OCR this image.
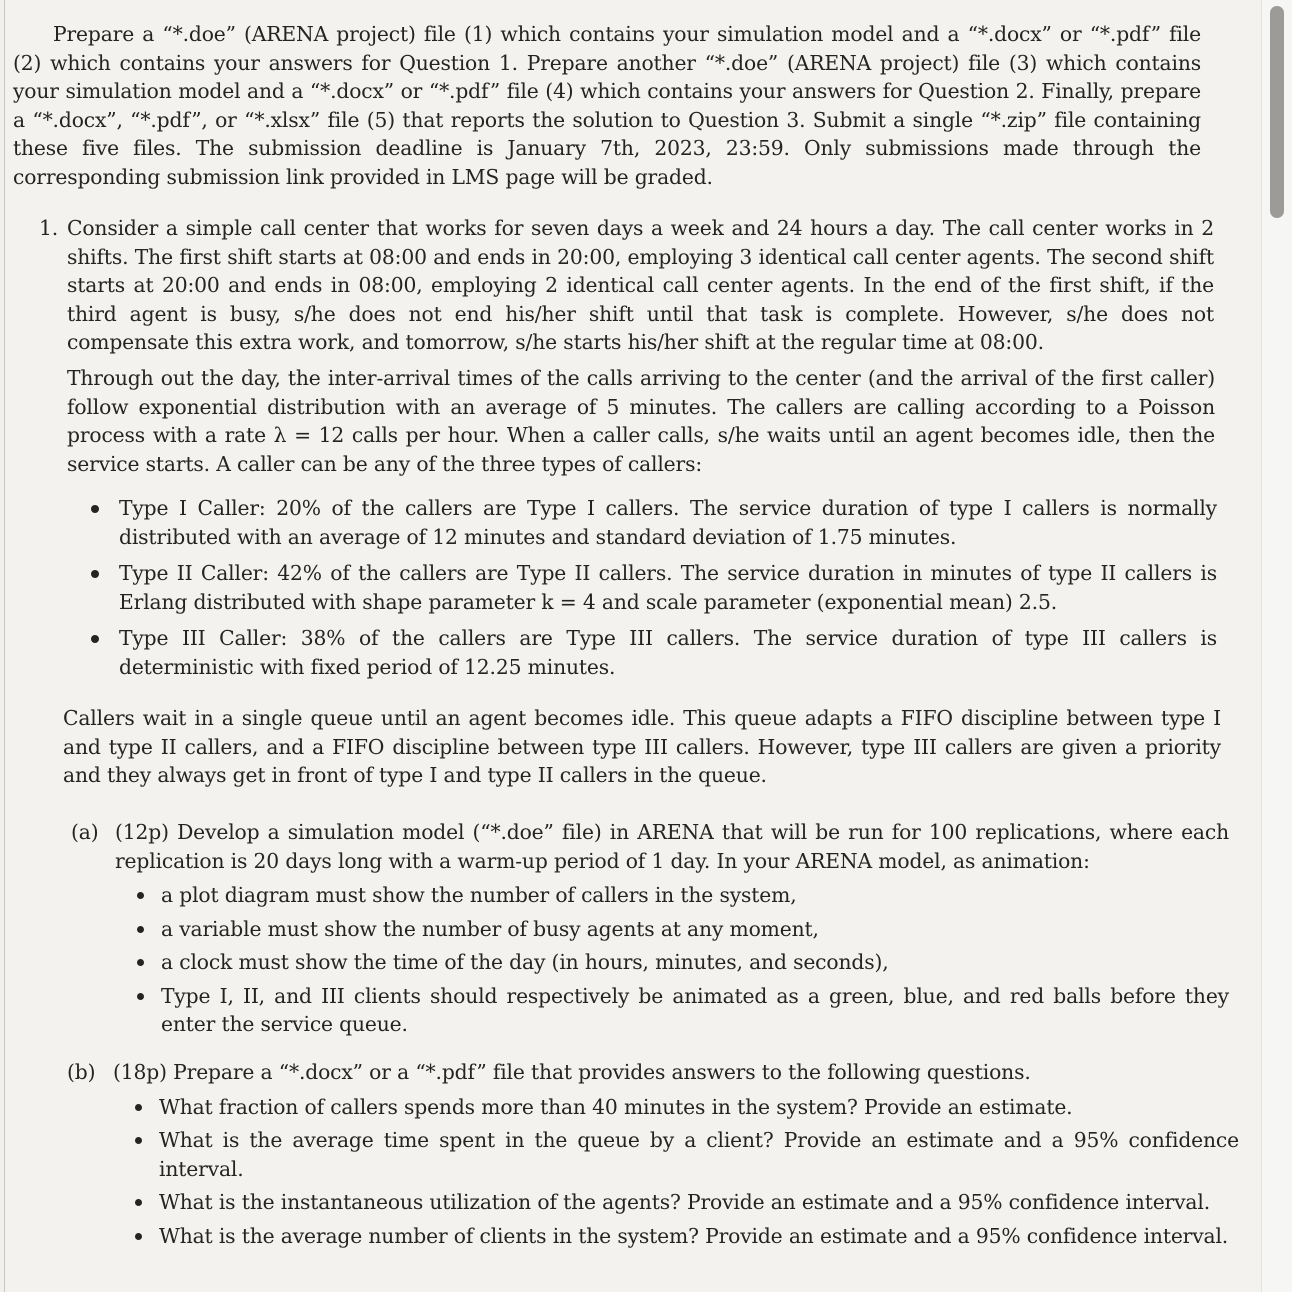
Prepare a “*.doe” (ARENA project) file (1) which contains your simulation model and a “*.docx” or “*.pdf” file (2) which contains your answers for Question 1. Prepare another “*.doe” (ARENA project) file (3) which contains your simulation model and a “*.docx” or “*.pdf” file (4) which contains your answers for Question 2. Finally, prepare a “*.docx”, “*.pdf”, or “*.xlsx” file (5) that reports the solution to Question 3. Submit a single “*.zip” file containing these five files. The submission deadline is January 7th, 2023, 23:59. Only submissions made through the corresponding submission link provided in LMS page will be graded.

1. Consider a simple call center that works for seven days a week and 24 hours a day. The call center works in 2 shifts. The first shift starts at 08:00 and ends in 20:00, employing 3 identical call center agents. The second shift starts at 20:00 and ends in 08:00, employing 2 identical call center agents. In the end of the first shift, if the third agent is busy, s/he does not end his/her shift until that task is complete. However, s/he does not compensate this extra work, and tomorrow, s/he starts his/her shift at the regular time at 08:00.

Through out the day, the inter-arrival times of the calls arriving to the center (and the arrival of the first caller) follow exponential distribution with an average of 5 minutes. The callers are calling according to a Poisson process with a rate λ = 12 calls per hour. When a caller calls, s/he waits until an agent becomes idle, then the service starts. A caller can be any of the three types of callers:

Type I Caller: 20% of the callers are Type I callers. The service duration of type I callers is normally distributed with an average of 12 minutes and standard deviation of 1.75 minutes.
Type II Caller: 42% of the callers are Type II callers. The service duration in minutes of type II callers is Erlang distributed with shape parameter k = 4 and scale parameter (exponential mean) 2.5.
Type III Caller: 38% of the callers are Type III callers. The service duration of type III callers is deterministic with fixed period of 12.25 minutes.

Callers wait in a single queue until an agent becomes idle. This queue adapts a FIFO discipline between type I and type II callers, and a FIFO discipline between type III callers. However, type III callers are given a priority and they always get in front of type I and type II callers in the queue.

(a) (12p) Develop a simulation model (“*.doe” file) in ARENA that will be run for 100 replications, where each replication is 20 days long with a warm-up period of 1 day. In your ARENA model, as animation:

a plot diagram must show the number of callers in the system,
a variable must show the number of busy agents at any moment,
a clock must show the time of the day (in hours, minutes, and seconds),
Type I, II, and III clients should respectively be animated as a green, blue, and red balls before they enter the service queue.
(b) (18p) Prepare a “*.docx” or a “*.pdf” file that provides answers to the following questions.

What fraction of callers spends more than 40 minutes in the system? Provide an estimate.
What is the average time spent in the queue by a client? Provide an estimate and a 95% confidence interval.
What is the instantaneous utilization of the agents? Provide an estimate and a 95% confidence interval.
What is the average number of clients in the system? Provide an estimate and a 95% confidence interval.
